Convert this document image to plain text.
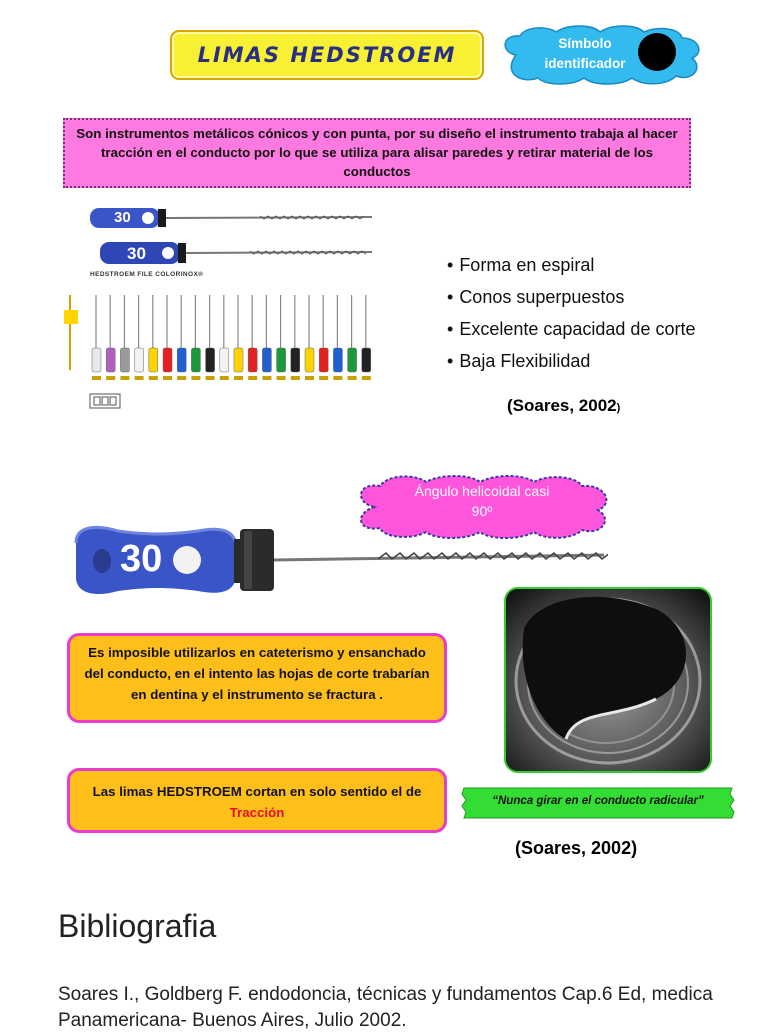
LIMAS HEDSTROEM	Símbolo identificador
Son instrumentos metálicos cónicos y con punta, por su diseño el instrumento trabaja al hacer tracción en el conducto por lo que se utiliza para alisar paredes y retirar material de los conductos
HEDSTROEM FILE COLORINOX®
30
30
• Forma en espiral
• Conos superpuestos
• Excelente capacidad de corte
• Baja Flexibilidad
(Soares, 2002)
Ángulo helicoidal casi
90º
30
Es imposible utilizarlos en cateterismo y ensanchado del conducto, en el intento las hojas de corte trabarían en dentina y el instrumento se fractura .
Las limas HEDSTROEM cortan en solo sentido el de Tracción
“Nunca girar en el conducto radicular”
(Soares, 2002)
Bibliografia
Soares I., Goldberg F. endodoncia, técnicas y fundamentos Cap.6 Ed, medica Panamericana- Buenos Aires, Julio 2002.
